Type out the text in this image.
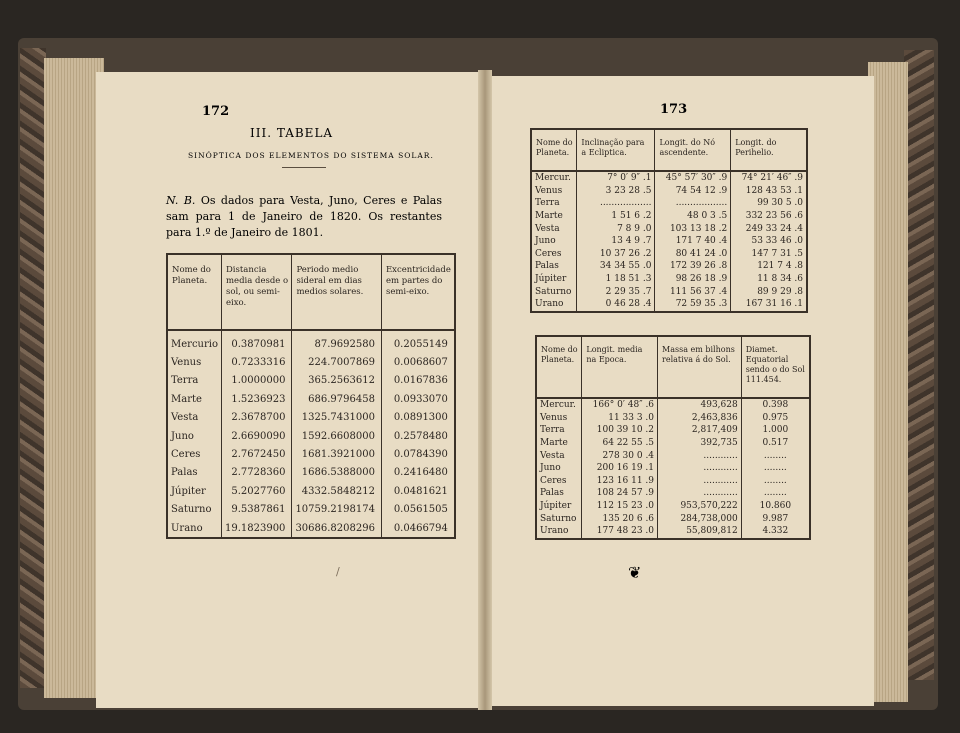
172	173
III. TABELA
SINÓPTICA DOS ELEMENTOS DO SISTEMA SOLAR.
N. B. Os dados para Vesta, Juno, Ceres e Palas sam para 1 de Janeiro de 1820. Os restantes para 1.º de Janeiro de 1801.
Nome do Planeta.	Distancia media desde o sol, ou semi-eixo.	Periodo medio sideral em dias medios solares.	Excentricidade em partes do semi-eixo.
Mercurio	0.3870981	87.9692580	0.2055149
Venus	0.7233316	224.7007869	0.0068607
Terra	1.0000000	365.2563612	0.0167836
Marte	1.5236923	686.9796458	0.0933070
Vesta	2.3678700	1325.7431000	0.0891300
Juno	2.6690090	1592.6608000	0.2578480
Ceres	2.7672450	1681.3921000	0.0784390
Palas	2.7728360	1686.5388000	0.2416480
Júpiter	5.2027760	4332.5848212	0.0481621
Saturno	9.5387861	10759.2198174	0.0561505
Urano	19.1823900	30686.8208296	0.0466794
Nome do Planeta.	Inclinação para a Ecliptica.	Longit. do Nó ascendente.	Longit. do Perihelio.
Mercur.	7° 0′ 9″ .1	45° 57′ 30″ .9	74° 21′ 46″ .9
Venus	3 23 28 .5	74 54 12 .9	128 43 53 .1
Terra	..................	..................	99 30 5 .0
Marte	1 51 6 .2	48 0 3 .5	332 23 56 .6
Vesta	7 8 9 .0	103 13 18 .2	249 33 24 .4
Juno	13 4 9 .7	171 7 40 .4	53 33 46 .0
Ceres	10 37 26 .2	80 41 24 .0	147 7 31 .5
Palas	34 34 55 .0	172 39 26 .8	121 7 4 .8
Júpiter	1 18 51 .3	98 26 18 .9	11 8 34 .6
Saturno	2 29 35 .7	111 56 37 .4	89 9 29 .8
Urano	0 46 28 .4	72 59 35 .3	167 31 16 .1
Nome do Planeta.	Longit. media na Epoca.	Massa em bilhons relativa á do Sol.	Diamet. Equatorial sendo o do Sol 111.454.
Mercur.	166° 0′ 48″ .6	493,628	0.398
Venus	11 33 3 .0	2,463,836	0.975
Terra	100 39 10 .2	2,817,409	1.000
Marte	64 22 55 .5	392,735	0.517
Vesta	278 30 0 .4	............	........
Juno	200 16 19 .1	............	........
Ceres	123 16 11 .9	............	........
Palas	108 24 57 .9	............	........
Júpiter	112 15 23 .0	953,570,222	10.860
Saturno	135 20 6 .6	284,738,000	9.987
Urano	177 48 23 .0	55,809,812	4.332
/	❦
